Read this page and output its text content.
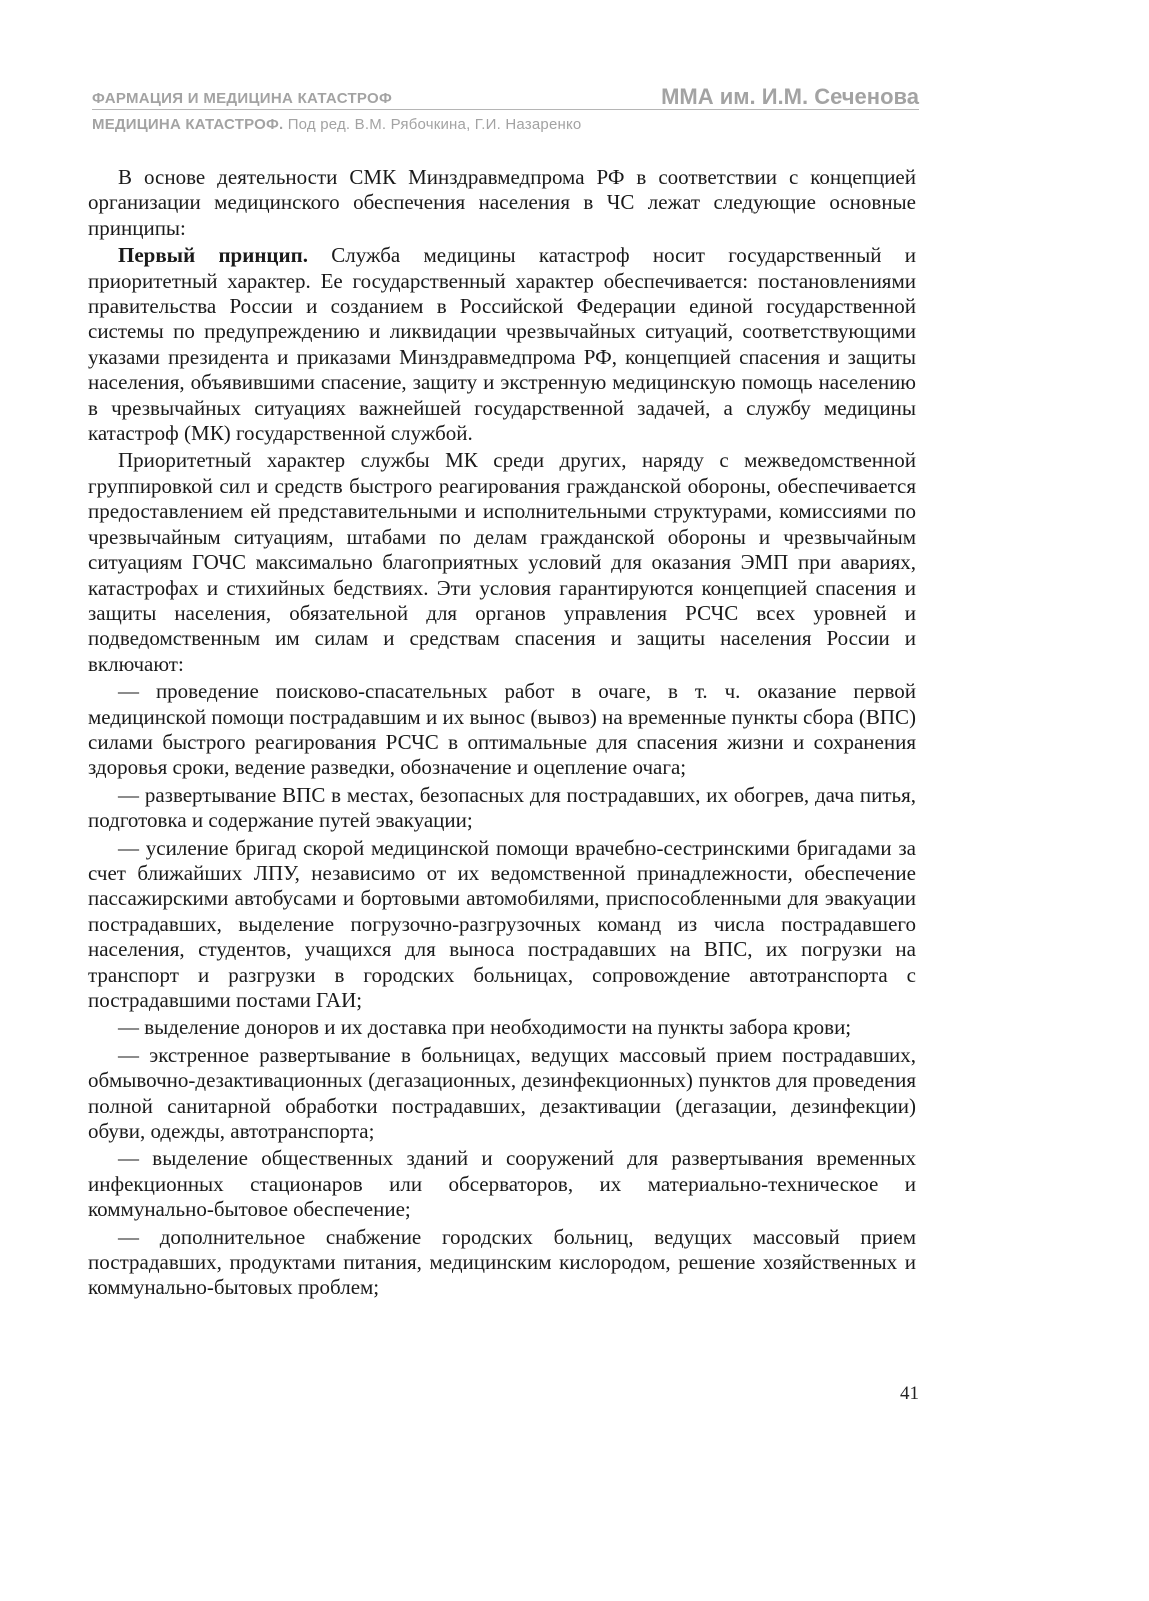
ФАРМАЦИЯ И МЕДИЦИНА КАТАСТРОФ	ММА им. И.М. Сеченова
МЕДИЦИНА КАТАСТРОФ. Под ред. В.М. Рябочкина, Г.И. Назаренко

В основе деятельности СМК Минздравмедпрома РФ в соответствии с концепцией организации медицинского обеспечения населения в ЧС лежат следующие основные принципы:

Первый принцип. Служба медицины катастроф носит государственный и приоритетный характер. Ее государственный характер обеспечивается: постановлениями правительства России и созданием в Российской Федерации единой государственной системы по предупреждению и ликвидации чрезвычайных ситуаций, соответствующими указами президента и приказами Минздравмедпрома РФ, концепцией спасения и защиты населения, объявившими спасение, защиту и экстренную медицинскую помощь населению в чрезвычайных ситуациях важнейшей государственной задачей, а службу медицины катастроф (МК) государственной службой.

Приоритетный характер службы МК среди других, наряду с межведомственной группировкой сил и средств быстрого реагирования гражданской обороны, обеспечивается предоставлением ей представительными и исполнительными структурами, комиссиями по чрезвычайным ситуациям, штабами по делам гражданской обороны и чрезвычайным ситуациям ГОЧС максимально благоприятных условий для оказания ЭМП при авариях, катастрофах и стихийных бедствиях. Эти условия гарантируются концепцией спасения и защиты населения, обязательной для органов управления РСЧС всех уровней и подведомственным им силам и средствам спасения и защиты населения России и включают:

— проведение поисково-спасательных работ в очаге, в т. ч. оказание первой медицинской помощи пострадавшим и их вынос (вывоз) на временные пункты сбора (ВПС) силами быстрого реагирования РСЧС в оптимальные для спасения жизни и сохранения здоровья сроки, ведение разведки, обозначение и оцепление очага;

— развертывание ВПС в местах, безопасных для пострадавших, их обогрев, дача питья, подготовка и содержание путей эвакуации;

— усиление бригад скорой медицинской помощи врачебно-сестринскими бригадами за счет ближайших ЛПУ, независимо от их ведомственной принадлежности, обеспечение пассажирскими автобусами и бортовыми автомобилями, приспособленными для эвакуации пострадавших, выделение погрузочно-разгрузочных команд из числа пострадавшего населения, студентов, учащихся для выноса пострадавших на ВПС, их погрузки на транспорт и разгрузки в городских больницах, сопровождение автотранспорта с пострадавшими постами ГАИ;

— выделение доноров и их доставка при необходимости на пункты забора крови;

— экстренное развертывание в больницах, ведущих массовый прием пострадавших, обмывочно-дезактивационных (дегазационных, дезинфекционных) пунктов для проведения полной санитарной обработки пострадавших, дезактивации (дегазации, дезинфекции) обуви, одежды, автотранспорта;

— выделение общественных зданий и сооружений для развертывания временных инфекционных стационаров или обсерваторов, их материально-техническое и коммунально-бытовое обеспечение;

— дополнительное снабжение городских больниц, ведущих массовый прием пострадавших, продуктами питания, медицинским кислородом, решение хозяйственных и коммунально-бытовых проблем;

41
